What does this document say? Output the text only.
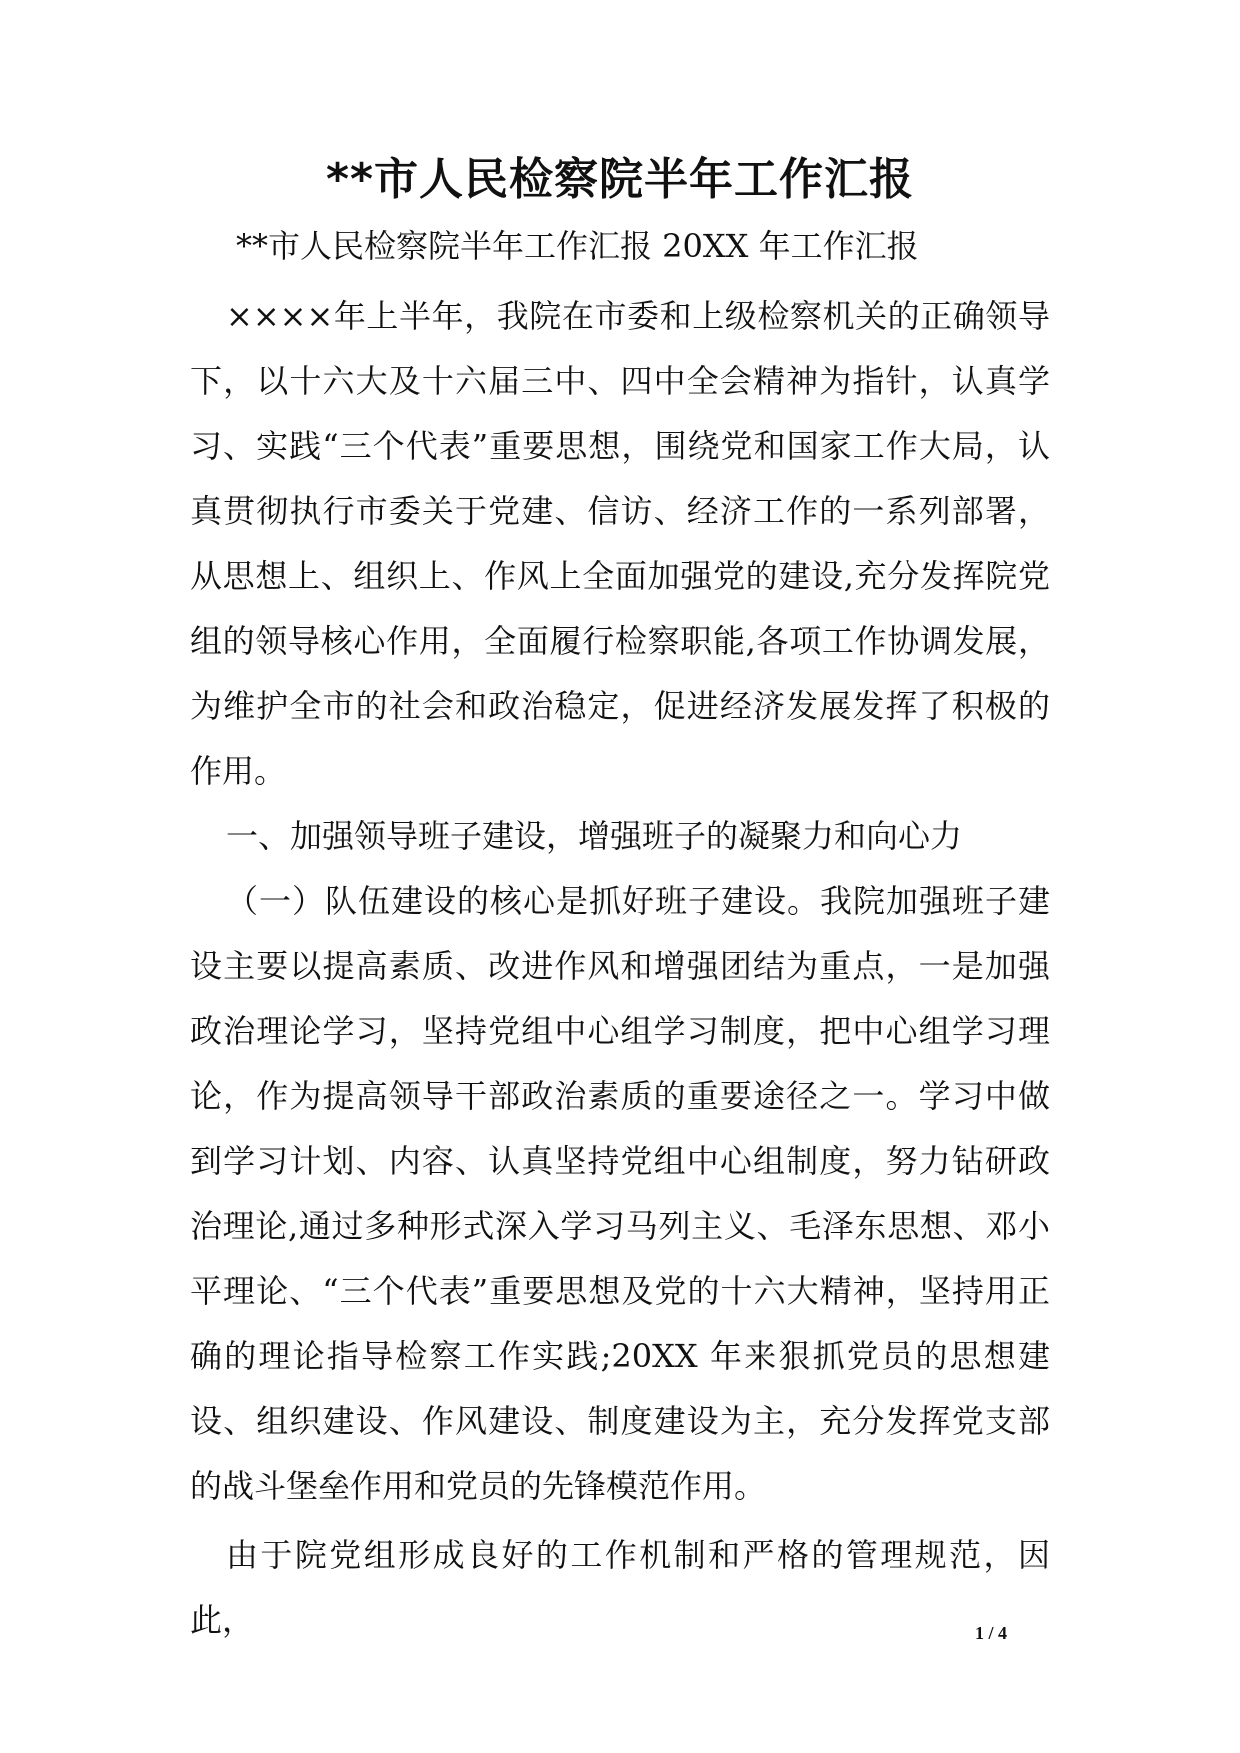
**市人民检察院半年工作汇报

**市人民检察院半年工作汇报 20XX 年工作汇报

××××年上半年，我院在市委和上级检察机关的正确领导下，以十六大及十六届三中、四中全会精神为指针，认真学习、实践“三个代表”重要思想，围绕党和国家工作大局，认真贯彻执行市委关于党建、信访、经济工作的一系列部署，从思想上、组织上、作风上全面加强党的建设,充分发挥院党组的领导核心作用，全面履行检察职能,各项工作协调发展，为维护全市的社会和政治稳定，促进经济发展发挥了积极的作用。

一、加强领导班子建设，增强班子的凝聚力和向心力

（一）队伍建设的核心是抓好班子建设。我院加强班子建设主要以提高素质、改进作风和增强团结为重点，一是加强政治理论学习，坚持党组中心组学习制度，把中心组学习理论，作为提高领导干部政治素质的重要途径之一。学习中做到学习计划、内容、认真坚持党组中心组制度，努力钻研政治理论,通过多种形式深入学习马列主义、毛泽东思想、邓小平理论、“三个代表”重要思想及党的十六大精神，坚持用正确的理论指导检察工作实践;20XX 年来狠抓党员的思想建设、组织建设、作风建设、制度建设为主，充分发挥党支部的战斗堡垒作用和党员的先锋模范作用。

由于院党组形成良好的工作机制和严格的管理规范，因此，	1 / 4
